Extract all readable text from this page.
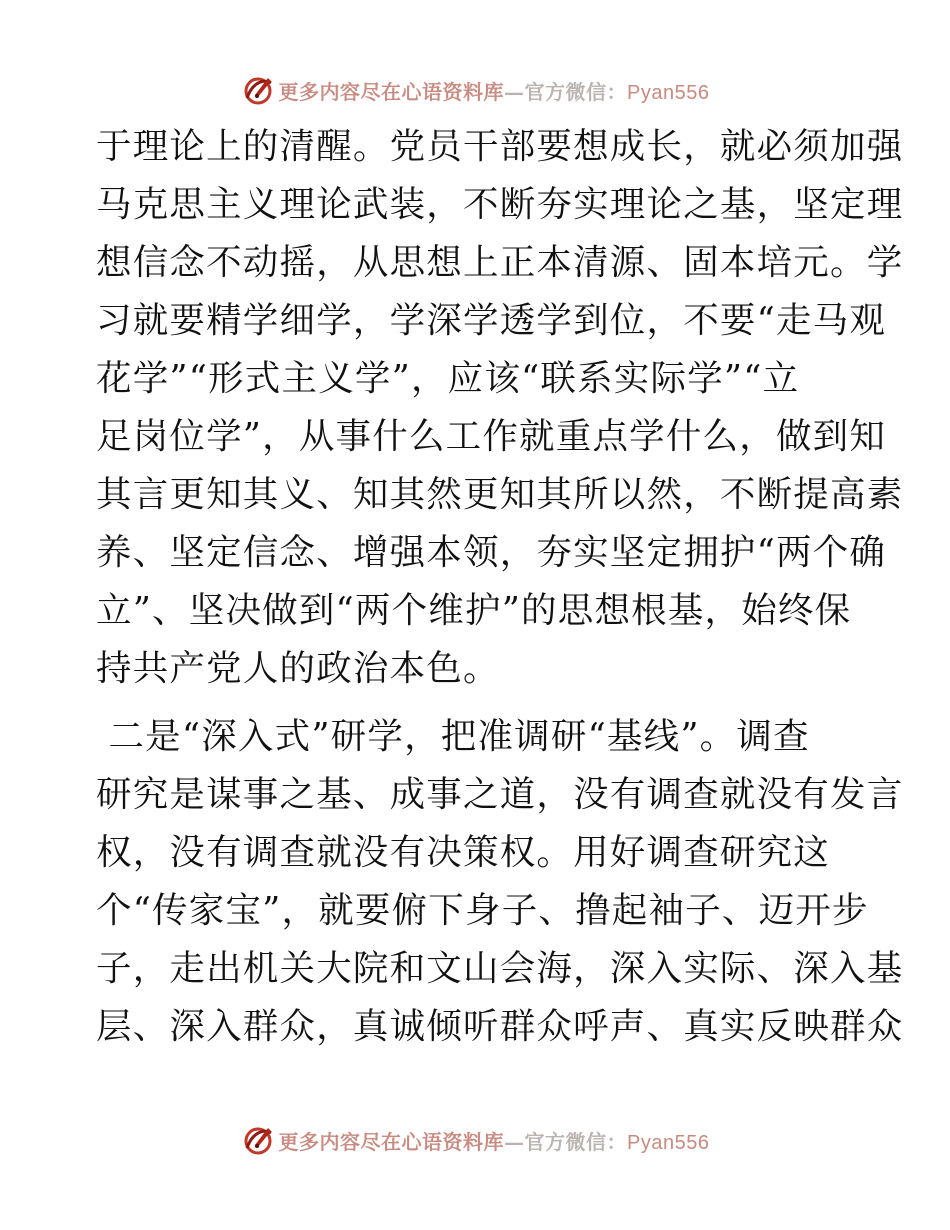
更多内容尽在心语资料库—官方微信：Pyan556
于理论上的清醒。党员干部要想成长，就必须加强
马克思主义理论武装，不断夯实理论之基，坚定理
想信念不动摇，从思想上正本清源、固本培元。学
习就要精学细学，学深学透学到位，不要“走马观
花学”“形式主义学”，应该“联系实际学”“立
足岗位学”，从事什么工作就重点学什么，做到知
其言更知其义、知其然更知其所以然，不断提高素
养、坚定信念、增强本领，夯实坚定拥护“两个确
立”、坚决做到“两个维护”的思想根基，始终保
持共产党人的政治本色。
二是“深入式”研学，把准调研“基线”。调查
研究是谋事之基、成事之道，没有调查就没有发言
权，没有调查就没有决策权。用好调查研究这
个“传家宝”，就要俯下身子、撸起袖子、迈开步
子，走出机关大院和文山会海，深入实际、深入基
层、深入群众，真诚倾听群众呼声、真实反映群众
更多内容尽在心语资料库—官方微信：Pyan556
